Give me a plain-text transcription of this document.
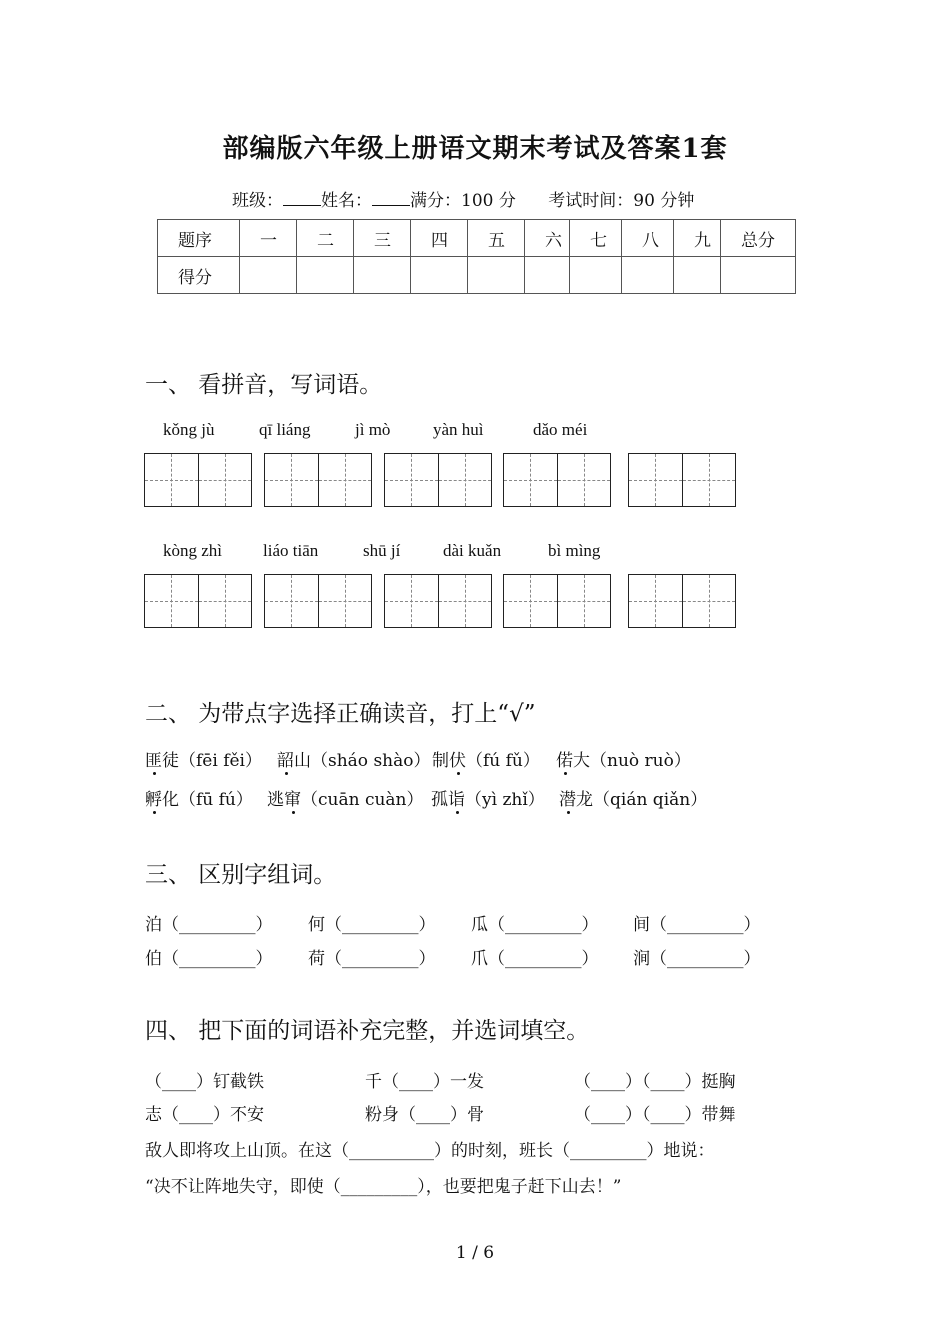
部编版六年级上册语文期末考试及答案1套
班级： 姓名： 满分：100 分 考试时间：90 分钟
题序	一	二	三	四	五	六	七	八	九	总分
得分										
一、 看拼音，写词语。
kǒng jù	qī liáng	jì mò	yàn huì	dǎo méi
kòng zhì liáo tiān	shū jí	dài kuǎn	bì mìng
二、 为带点字选择正确读音，打上“√”
匪徒（fēi fěi） 韶山（sháo shào） 制伏（fú fǔ） 偌大（nuò ruò）
孵化（fū fú） 逃窜（cuān cuàn） 孤诣（yì zhǐ） 潜龙（qián qiǎn）
三、 区别字组词。
泊（_________） 何（_________） 瓜（_________） 间（_________）
伯（_________） 荷（_________） 爪（_________） 涧（_________）
四、 把下面的词语补充完整，并选词填空。
（____）钉截铁	千（____）一发	（____）（____）挺胸
志（____）不安	粉身（____）骨	（____）（____）带舞
敌人即将攻上山顶。在这（__________）的时刻，班长（_________）地说：
“决不让阵地失守，即使（_________），也要把鬼子赶下山去！”
1 / 6
